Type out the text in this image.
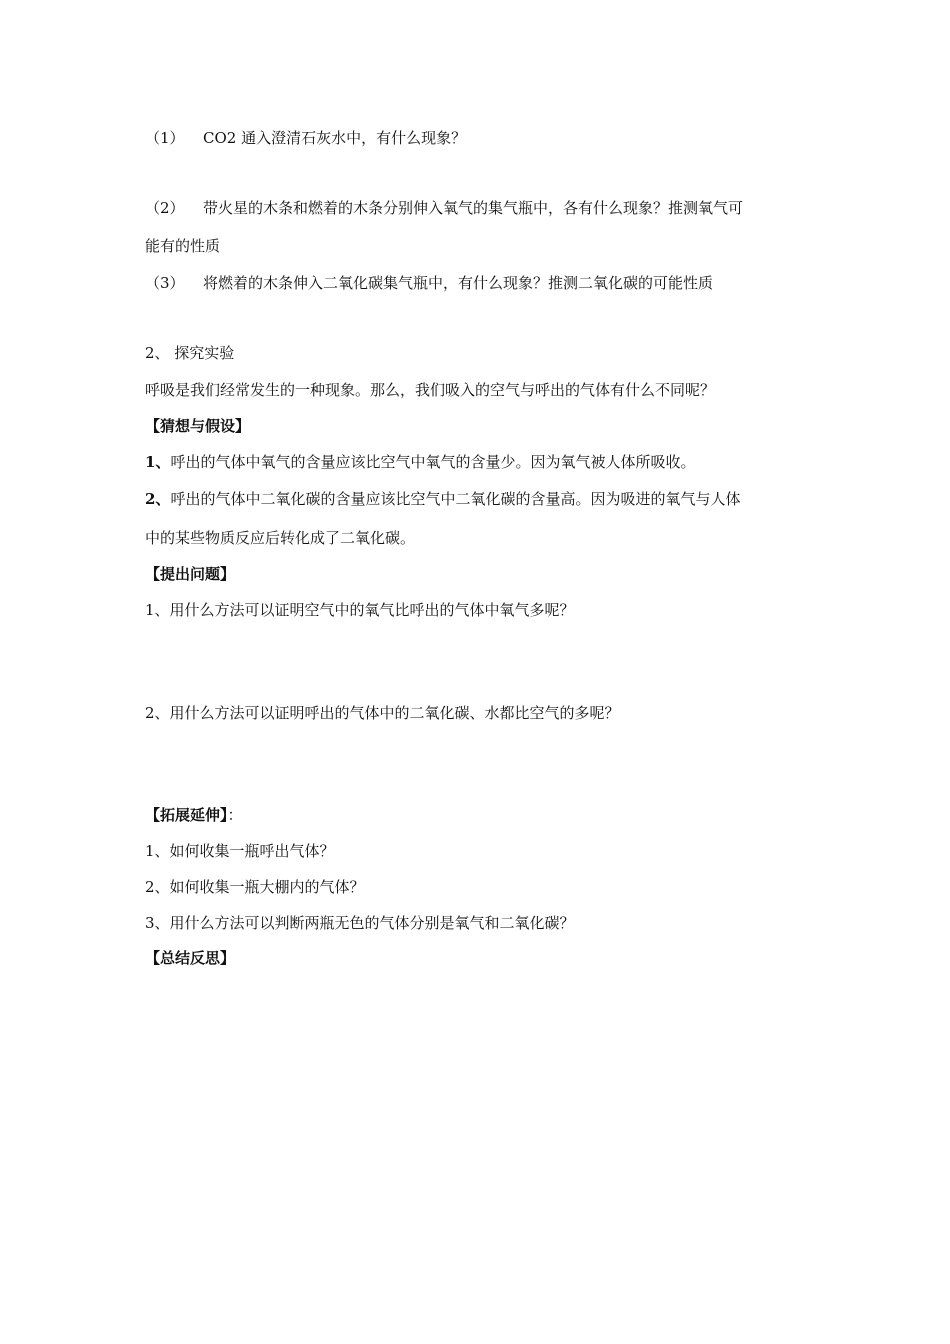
（1） CO2 通入澄清石灰水中，有什么现象？
（2） 带火星的木条和燃着的木条分别伸入氧气的集气瓶中，各有什么现象？推测氧气可
能有的性质
（3） 将燃着的木条伸入二氧化碳集气瓶中，有什么现象？推测二氧化碳的可能性质
2、 探究实验
呼吸是我们经常发生的一种现象。那么，我们吸入的空气与呼出的气体有什么不同呢？
【猜想与假设】
1、呼出的气体中氧气的含量应该比空气中氧气的含量少。因为氧气被人体所吸收。
2、呼出的气体中二氧化碳的含量应该比空气中二氧化碳的含量高。因为吸进的氧气与人体
中的某些物质反应后转化成了二氧化碳。
【提出问题】
1、用什么方法可以证明空气中的氧气比呼出的气体中氧气多呢？
2、用什么方法可以证明呼出的气体中的二氧化碳、水都比空气的多呢？
【拓展延伸】：
1、如何收集一瓶呼出气体？
2、如何收集一瓶大棚内的气体？
3、用什么方法可以判断两瓶无色的气体分别是氧气和二氧化碳？
【总结反思】
